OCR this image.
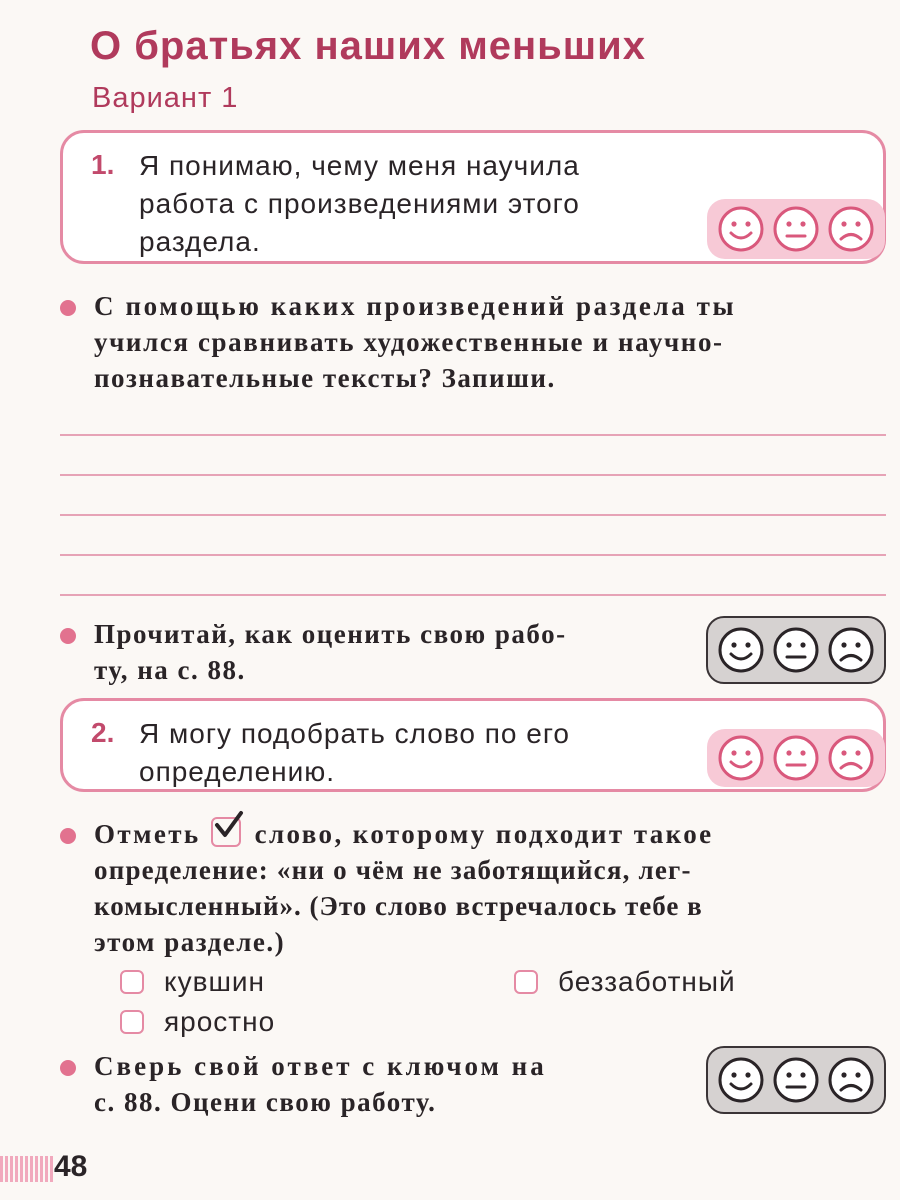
О братьях наших меньших
Вариант 1
1. Я понимаю, чему меня научила
работа с произведениями этого
раздела.
С помощью каких произведений раздела ты
учился сравнивать художественные и научно-
познавательные тексты? Запиши.
Прочитай, как оценить свою рабо-
ту, на с. 88.
2. Я могу подобрать слово по его
определению.
Отметь слово, которому подходит такое
определение: «ни о чём не заботящийся, лег-
комысленный». (Это слово встречалось тебе в
этом разделе.)
кувшин	беззаботный
яростно
Сверь свой ответ с ключом на
с. 88. Оцени свою работу.
48
